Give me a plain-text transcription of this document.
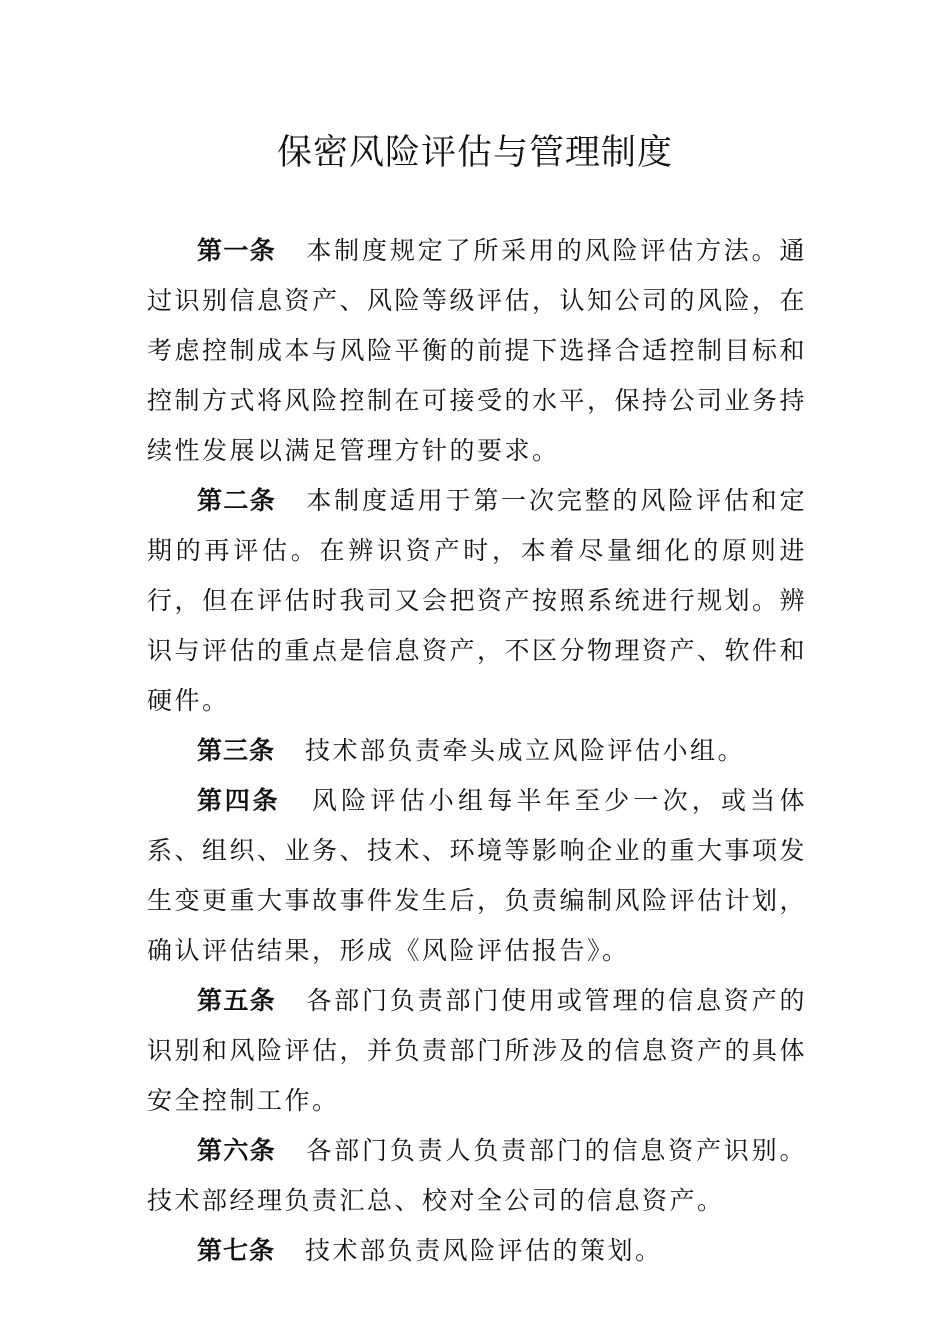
保密风险评估与管理制度

第一条 本制度规定了所采用的风险评估方法。通过识别信息资产、风险等级评估，认知公司的风险，在考虑控制成本与风险平衡的前提下选择合适控制目标和控制方式将风险控制在可接受的水平，保持公司业务持续性发展以满足管理方针的要求。

第二条 本制度适用于第一次完整的风险评估和定期的再评估。在辨识资产时，本着尽量细化的原则进行，但在评估时我司又会把资产按照系统进行规划。辨识与评估的重点是信息资产，不区分物理资产、软件和硬件。

第三条 技术部负责牵头成立风险评估小组。

第四条 风险评估小组每半年至少一次，或当体系、组织、业务、技术、环境等影响企业的重大事项发生变更重大事故事件发生后，负责编制风险评估计划，确认评估结果，形成《风险评估报告》。

第五条 各部门负责部门使用或管理的信息资产的识别和风险评估，并负责部门所涉及的信息资产的具体安全控制工作。

第六条 各部门负责人负责部门的信息资产识别。技术部经理负责汇总、校对全公司的信息资产。

第七条 技术部负责风险评估的策划。
